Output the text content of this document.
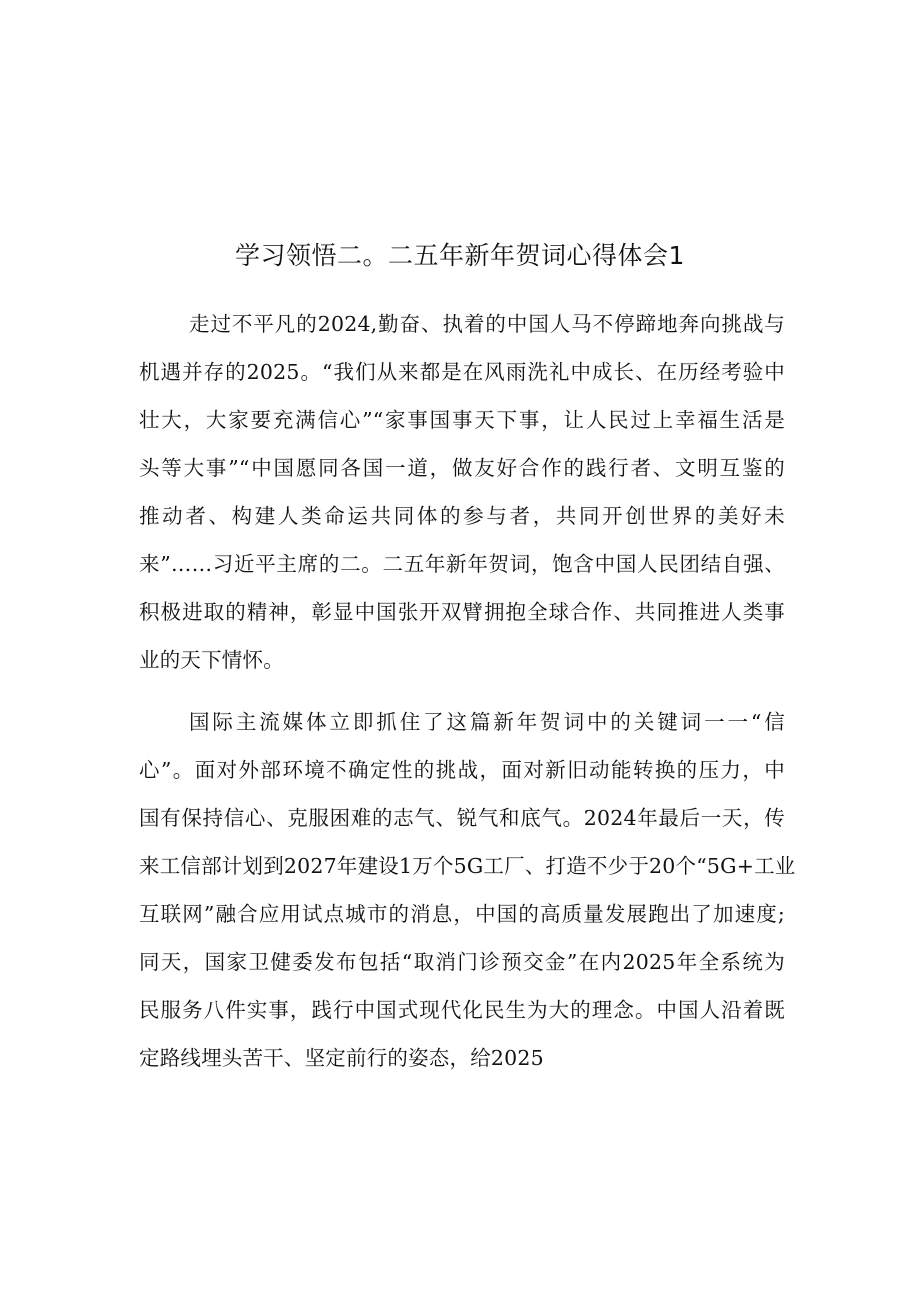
学习领悟二。二五年新年贺词心得体会1
走过不平凡的2024,勤奋、执着的中国人马不停蹄地奔向挑战与
机遇并存的2025。“我们从来都是在风雨洗礼中成长、在历经考验中
壮大，大家要充满信心”“家事国事天下事，让人民过上幸福生活是
头等大事”“中国愿同各国一道，做友好合作的践行者、文明互鉴的
推动者、构建人类命运共同体的参与者，共同开创世界的美好未
来”……习近平主席的二。二五年新年贺词，饱含中国人民团结自强、
积极进取的精神，彰显中国张开双臂拥抱全球合作、共同推进人类事
业的天下情怀。
国际主流媒体立即抓住了这篇新年贺词中的关键词一一“信
心”。面对外部环境不确定性的挑战，面对新旧动能转换的压力，中
国有保持信心、克服困难的志气、锐气和底气。2024年最后一天，传
来工信部计划到2027年建设1万个5G工厂、打造不少于20个“5G+工业
互联网”融合应用试点城市的消息，中国的高质量发展跑出了加速度;
同天，国家卫健委发布包括“取消门诊预交金”在内2025年全系统为
民服务八件实事，践行中国式现代化民生为大的理念。中国人沿着既
定路线埋头苦干、坚定前行的姿态，给2025
